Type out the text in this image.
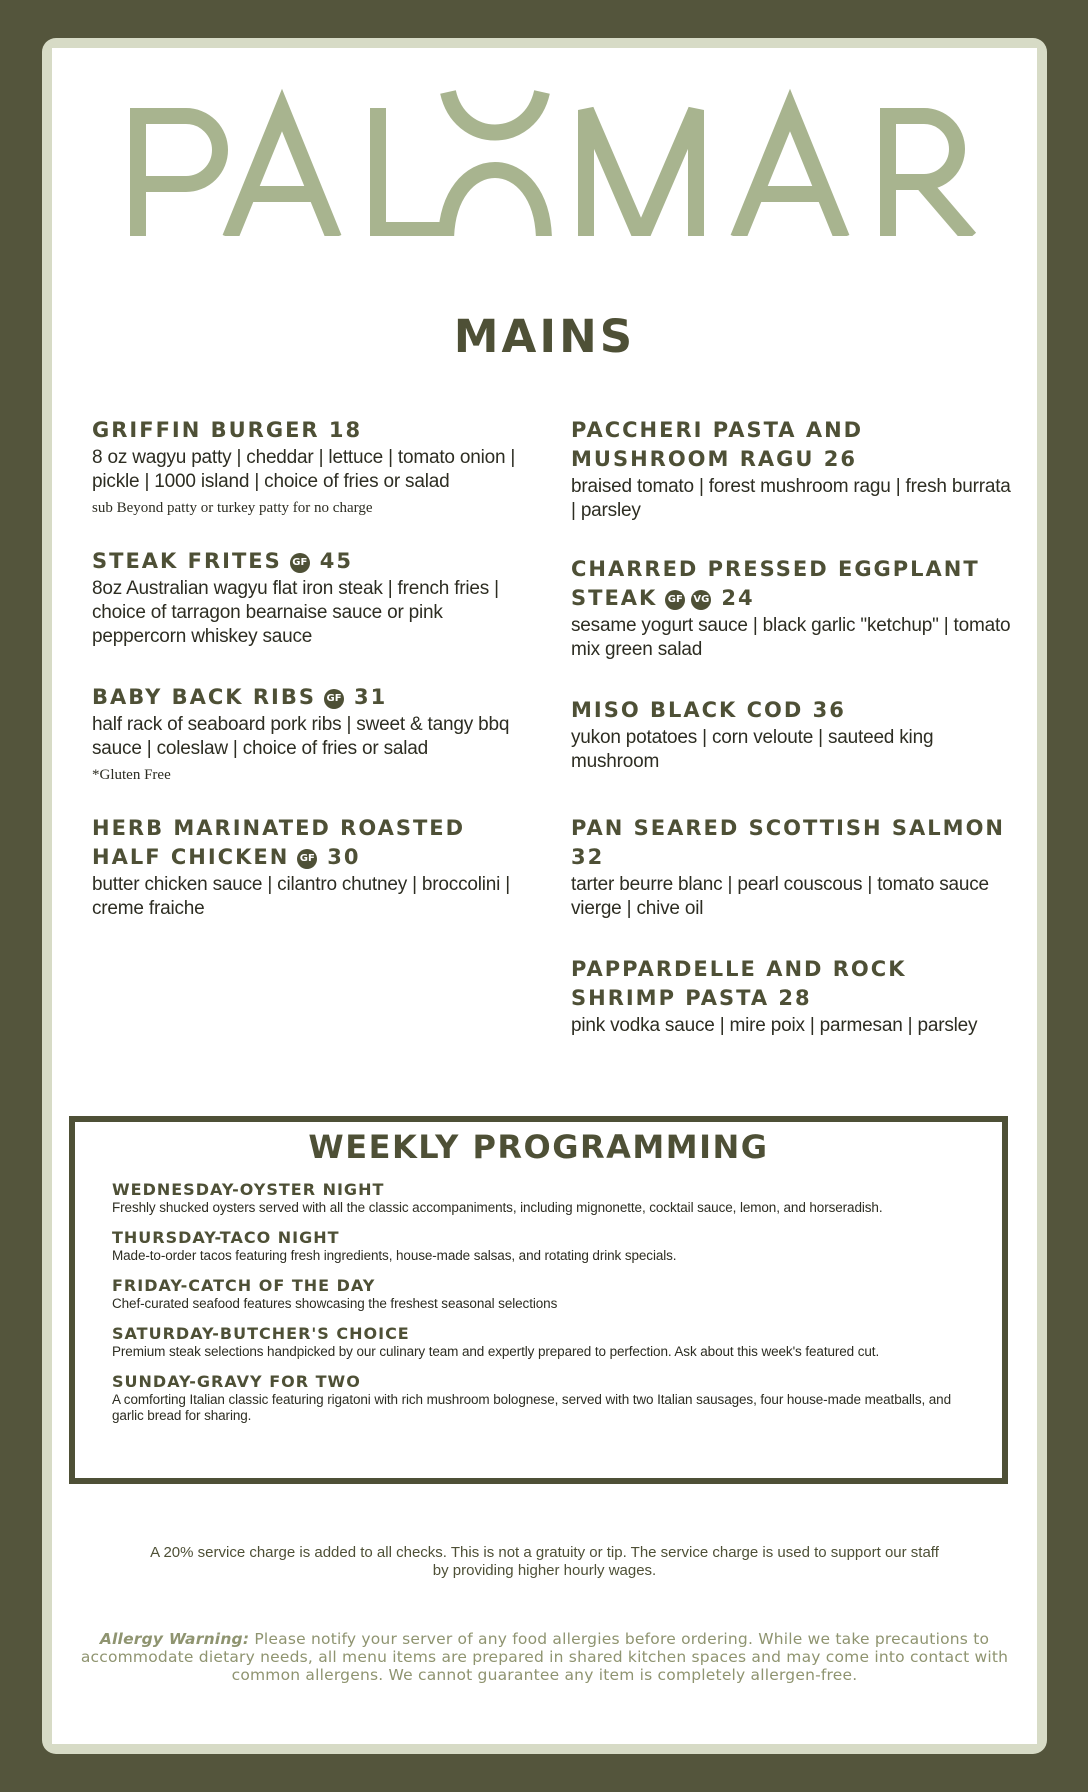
MAINS
GRIFFIN BURGER 18
8 oz wagyu patty | cheddar | lettuce | tomato onion | pickle | 1000 island | choice of fries or salad
sub Beyond patty or turkey patty for no charge
STEAK FRITES GF 45
8oz Australian wagyu flat iron steak | french fries | choice of tarragon bearnaise sauce or pink peppercorn whiskey sauce
BABY BACK RIBS GF 31
half rack of seaboard pork ribs | sweet & tangy bbq sauce | coleslaw | choice of fries or salad
*Gluten Free
HERB MARINATED ROASTED HALF CHICKEN GF 30
butter chicken sauce | cilantro chutney | broccolini | creme fraiche
PACCHERI PASTA AND MUSHROOM RAGU 26
braised tomato | forest mushroom ragu | fresh burrata | parsley
CHARRED PRESSED EGGPLANT STEAK GF VG 24
sesame yogurt sauce | black garlic "ketchup" | tomato mix green salad
MISO BLACK COD 36
yukon potatoes | corn veloute | sauteed king mushroom
PAN SEARED SCOTTISH SALMON 32
tarter beurre blanc | pearl couscous | tomato sauce vierge | chive oil
PAPPARDELLE AND ROCK SHRIMP PASTA 28
pink vodka sauce | mire poix | parmesan | parsley
WEEKLY PROGRAMMING
WEDNESDAY-OYSTER NIGHT
Freshly shucked oysters served with all the classic accompaniments, including mignonette, cocktail sauce, lemon, and horseradish.
THURSDAY-TACO NIGHT
Made-to-order tacos featuring fresh ingredients, house-made salsas, and rotating drink specials.
FRIDAY-CATCH OF THE DAY
Chef-curated seafood features showcasing the freshest seasonal selections
SATURDAY-BUTCHER'S CHOICE
Premium steak selections handpicked by our culinary team and expertly prepared to perfection. Ask about this week's featured cut.
SUNDAY-GRAVY FOR TWO
A comforting Italian classic featuring rigatoni with rich mushroom bolognese, served with two Italian sausages, four house-made meatballs, and garlic bread for sharing.
A 20% service charge is added to all checks. This is not a gratuity or tip. The service charge is used to support our staff by providing higher hourly wages.
Allergy Warning: Please notify your server of any food allergies before ordering. While we take precautions to accommodate dietary needs, all menu items are prepared in shared kitchen spaces and may come into contact with common allergens. We cannot guarantee any item is completely allergen-free.
